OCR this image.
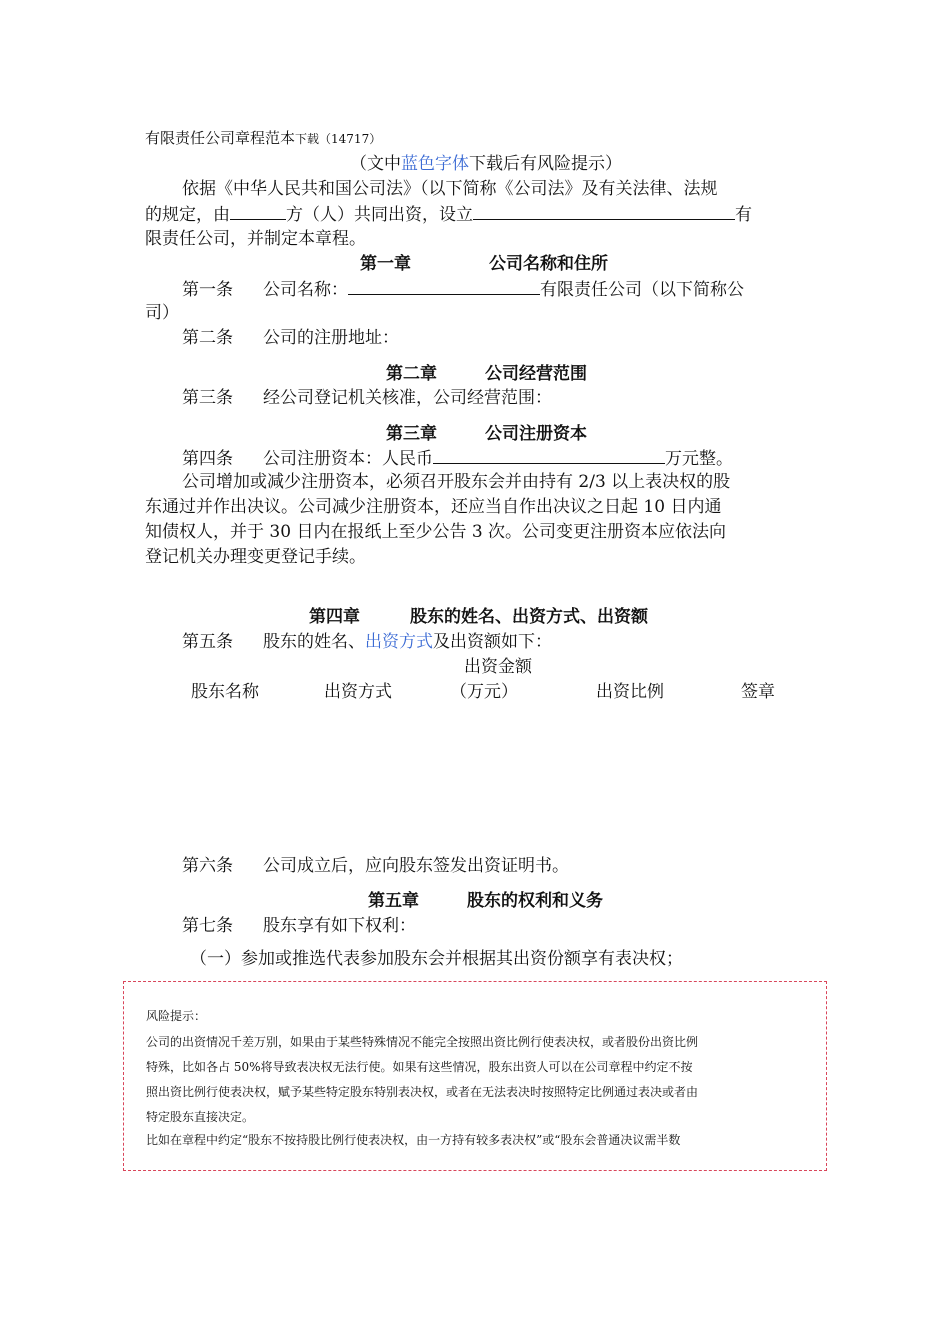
有限责任公司章程范本下载（14717）
（文中蓝色字体下载后有风险提示）
依据《中华人民共和国公司法》（以下简称《公司法》及有关法律、法规
的规定，由	方（人）共同出资，设立	有
限责任公司，并制定本章程。
第一章	公司名称和住所
第一条 公司名称：	有限责任公司（以下简称公
司）
第二条 公司的注册地址：
第二章	公司经营范围
第三条 经公司登记机关核准，公司经营范围：
第三章	公司注册资本
第四条 公司注册资本：人民币	万元整。
公司增加或减少注册资本，必须召开股东会并由持有 2/3 以上表决权的股
东通过并作出决议。公司减少注册资本，还应当自作出决议之日起 10 日内通
知债权人，并于 30 日内在报纸上至少公告 3 次。公司变更注册资本应依法向
登记机关办理变更登记手续。
第四章	股东的姓名、出资方式、出资额
第五条 股东的姓名、出资方式及出资额如下：
出资金额
股东名称	出资方式	（万元）	出资比例	签章
第六条 公司成立后，应向股东签发出资证明书。
第五章	股东的权利和义务
第七条 股东享有如下权利：
（一）参加或推选代表参加股东会并根据其出资份额享有表决权；
风险提示：
公司的出资情况千差万别，如果由于某些特殊情况不能完全按照出资比例行使表决权，或者股份出资比例
特殊，比如各占 50%将导致表决权无法行使。如果有这些情况，股东出资人可以在公司章程中约定不按
照出资比例行使表决权，赋予某些特定股东特别表决权，或者在无法表决时按照特定比例通过表决或者由
特定股东直接决定。
比如在章程中约定“股东不按持股比例行使表决权，由一方持有较多表决权”或“股东会普通决议需半数
